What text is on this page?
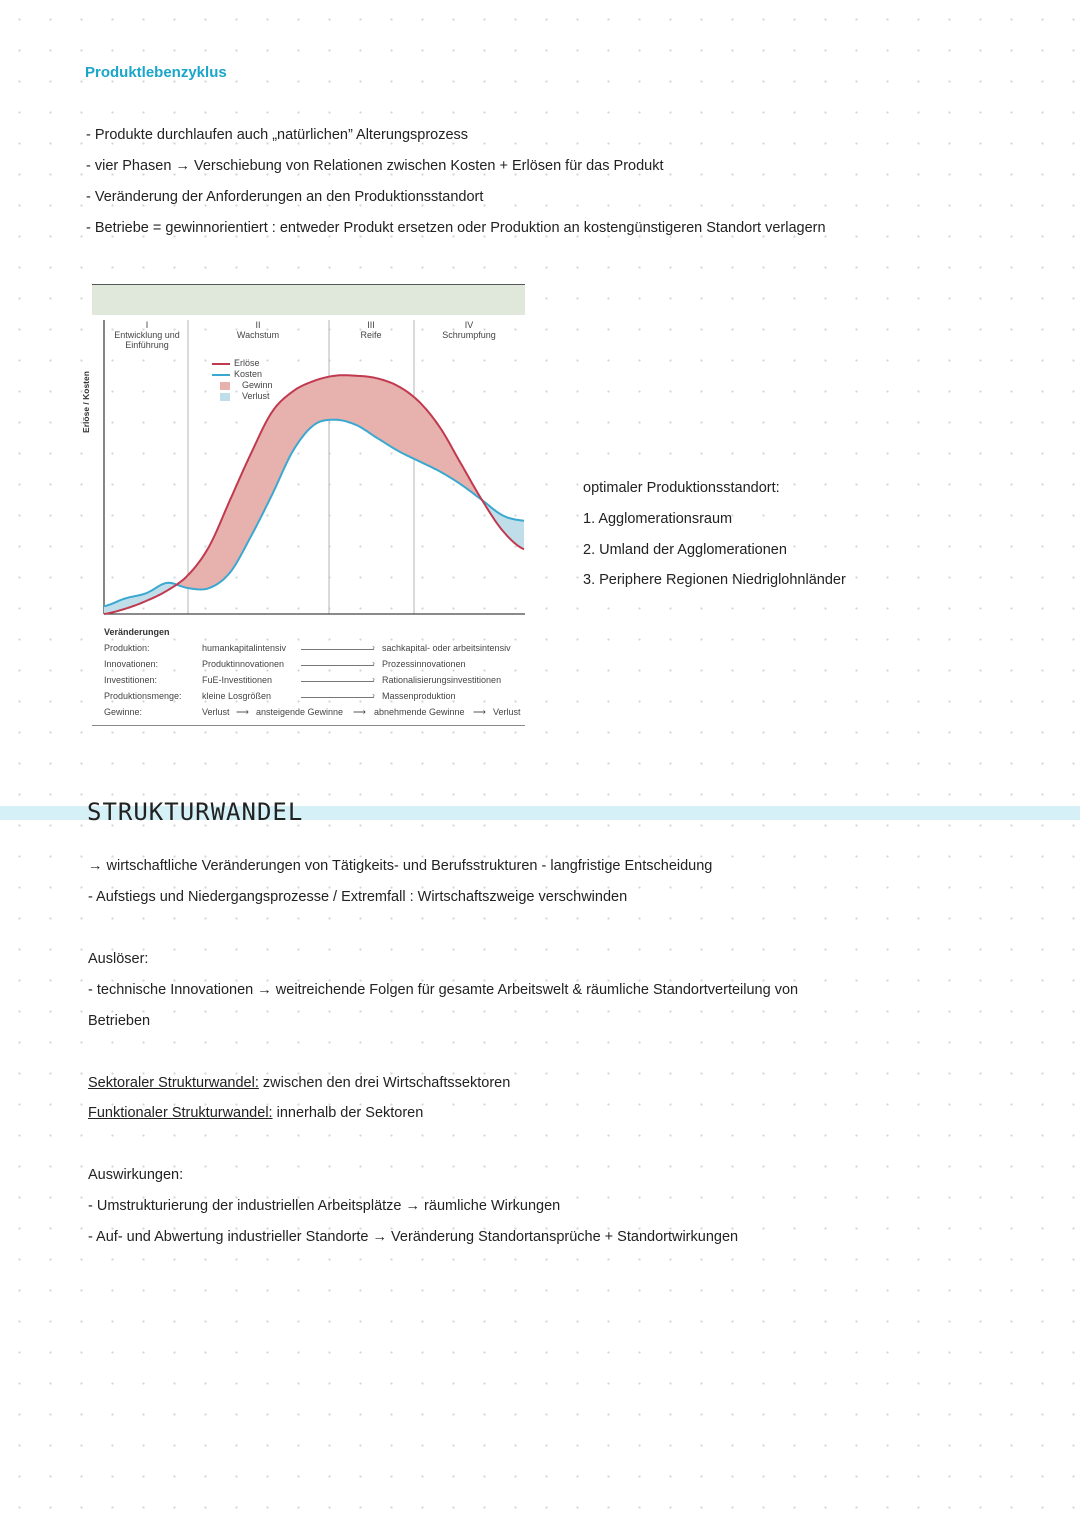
Produktlebenzyklus
- Produkte durchlaufen auch „natürlichen” Alterungsprozess
- vier Phasen → Verschiebung von Relationen zwischen Kosten + Erlösen für das Produkt
- Veränderung der Anforderungen an den Produktionsstandort
- Betriebe = gewinnorientiert : entweder Produkt ersetzen oder Produktion an kostengünstigeren Standort verlagern
Erlöse / Kosten
I
Entwicklung und Einführung
II
Wachstum
III
Reife
IV
Schrumpfung
Erlöse
Kosten
Gewinn
Verlust
Veränderungen
Produktion:	humankapitalintensiv	› sachkapital- oder arbeitsintensiv
Innovationen:	Produktinnovationen	› Prozessinnovationen
Investitionen:	FuE-Investitionen	› Rationalisierungsinvestitionen
Produktionsmenge: kleine Losgrößen	› Massenproduktion
Gewinne:	Verlust ⟶ ansteigende Gewinne ⟶ abnehmende Gewinne ⟶ Verlust
optimaler Produktionsstandort:
1. Agglomerationsraum
2. Umland der Agglomerationen
3. Periphere Regionen Niedriglohnländer
STRUKTURWANDEL
→ wirtschaftliche Veränderungen von Tätigkeits- und Berufsstrukturen - langfristige Entscheidung
- Aufstiegs und Niedergangsprozesse / Extremfall : Wirtschaftszweige verschwinden
Auslöser:
- technische Innovationen → weitreichende Folgen für gesamte Arbeitswelt & räumliche Standortverteilung von
Betrieben
Sektoraler Strukturwandel: zwischen den drei Wirtschaftssektoren
Funktionaler Strukturwandel: innerhalb der Sektoren
Auswirkungen:
- Umstrukturierung der industriellen Arbeitsplätze → räumliche Wirkungen
- Auf- und Abwertung industrieller Standorte → Veränderung Standortansprüche + Standortwirkungen
